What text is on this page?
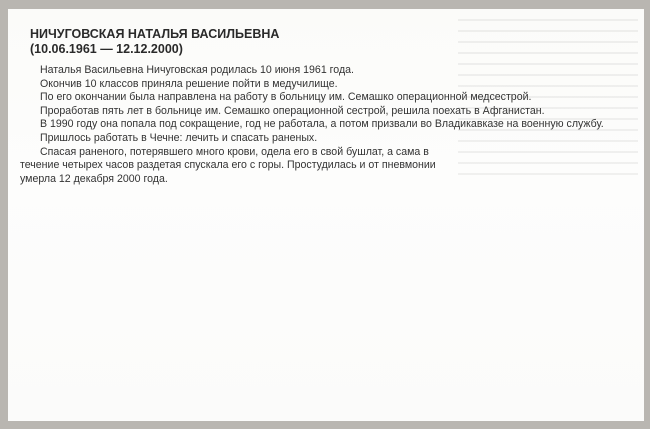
НИЧУГОВСКАЯ НАТАЛЬЯ ВАСИЛЬЕВНА
(10.06.1961 — 12.12.2000)

Наталья Васильевна Ничуговская родилась 10 июня 1961 года.

Окончив 10 классов приняла решение пойти в медучилище.

По его окончании была направлена на работу в больницу им. Семашко операционной медсестрой.

Проработав пять лет в больнице им. Семашко операционной сестрой, решила поехать в Афганистан.

В 1990 году она попала под сокращение, год не работала, а потом призвали во Владикавказе на военную службу.

Пришлось работать в Чечне: лечить и спасать раненых.

Спасая раненого, потерявшего много крови, одела его в свой бушлат, а сама в течение четырех часов раздетая спускала его с горы. Простудилась и от пневмонии умерла 12 декабря 2000 года.
